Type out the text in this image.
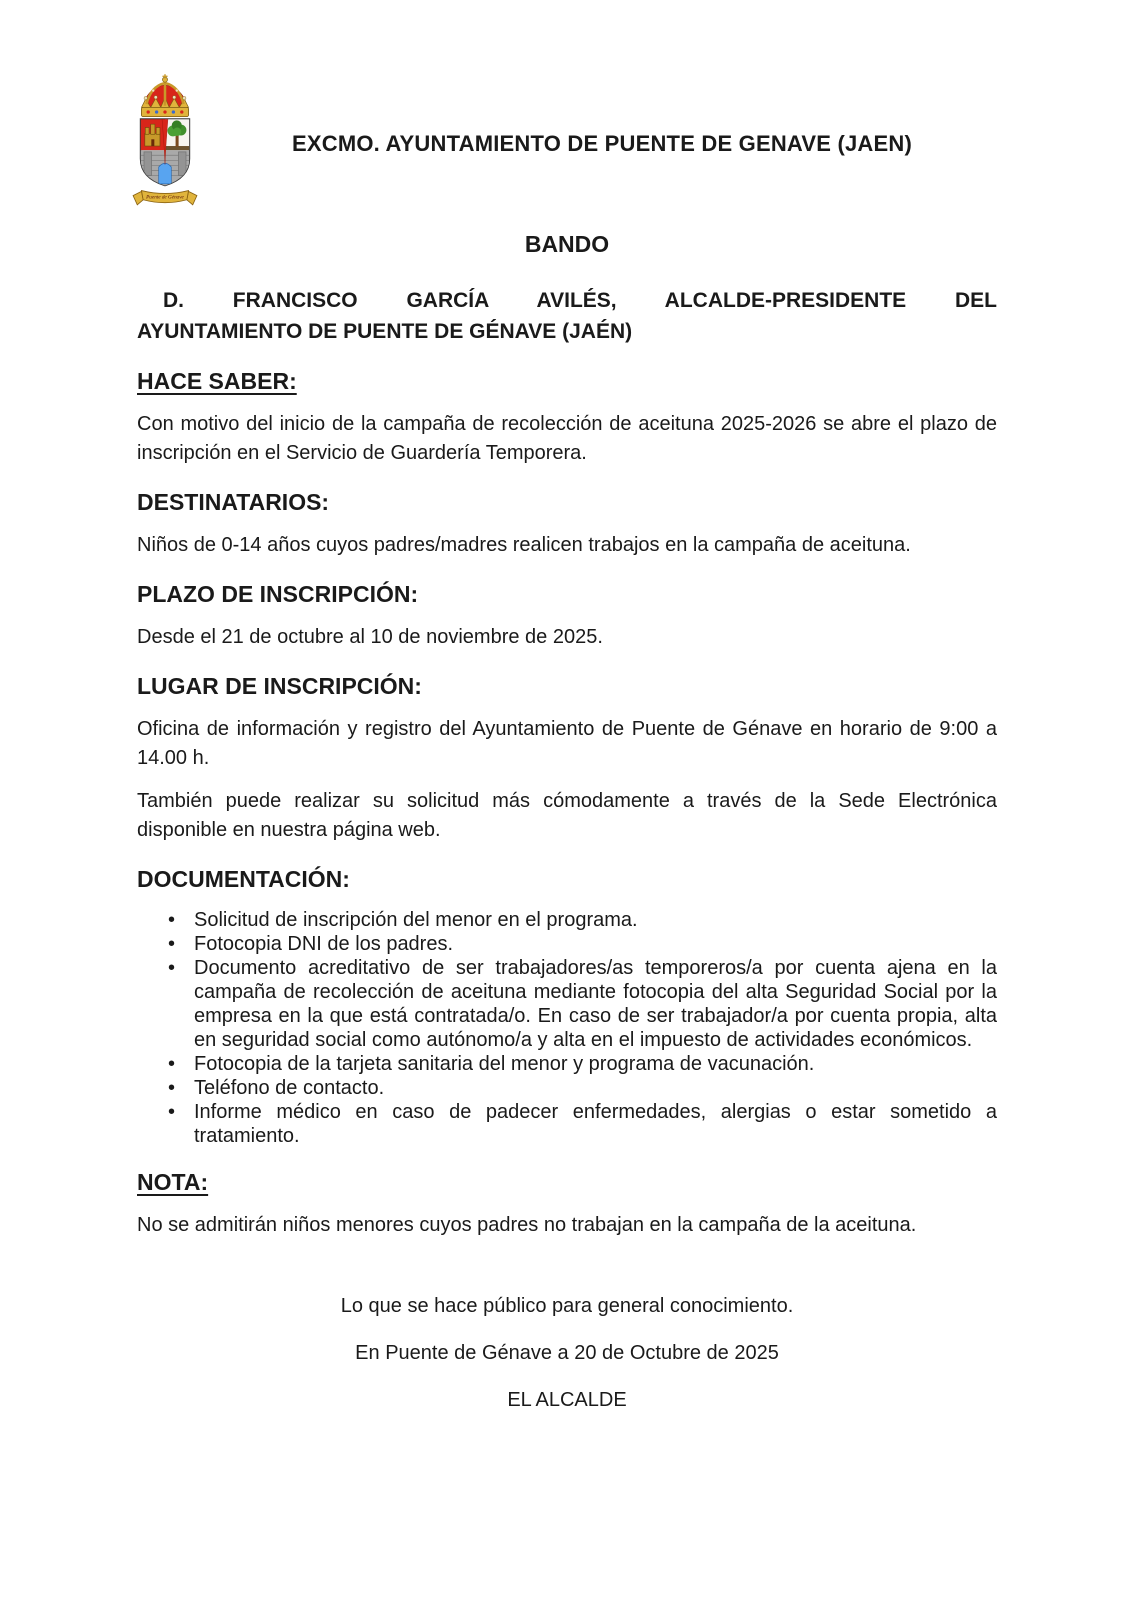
Puente de Génave
EXCMO. AYUNTAMIENTO DE PUENTE DE GENAVE (JAEN)
BANDO
D. FRANCISCO GARCÍA AVILÉS, ALCALDE-PRESIDENTE DEL
AYUNTAMIENTO DE PUENTE DE GÉNAVE (JAÉN)
HACE SABER:

Con motivo del inicio de la campaña de recolección de aceituna 2025-2026 se abre el plazo de inscripción en el Servicio de Guardería Temporera.

DESTINATARIOS:

Niños de 0-14 años cuyos padres/madres realicen trabajos en la campaña de aceituna.

PLAZO DE INSCRIPCIÓN:

Desde el 21 de octubre al 10 de noviembre de 2025.

LUGAR DE INSCRIPCIÓN:

Oficina de información y registro del Ayuntamiento de Puente de Génave en horario de 9:00 a 14.00 h.

También puede realizar su solicitud más cómodamente a través de la Sede Electrónica disponible en nuestra página web.

DOCUMENTACIÓN:
• Solicitud de inscripción del menor en el programa.
• Fotocopia DNI de los padres.
• Documento acreditativo de ser trabajadores/as temporeros/a por cuenta ajena en la campaña de recolección de aceituna mediante fotocopia del alta Seguridad Social por la empresa en la que está contratada/o. En caso de ser trabajador/a por cuenta propia, alta en seguridad social como autónomo/a y alta en el impuesto de actividades económicos.
• Fotocopia de la tarjeta sanitaria del menor y programa de vacunación.
• Teléfono de contacto.
• Informe médico en caso de padecer enfermedades, alergias o estar sometido a tratamiento.
NOTA:

No se admitirán niños menores cuyos padres no trabajan en la campaña de la aceituna.

Lo que se hace público para general conocimiento.

En Puente de Génave a 20 de Octubre de 2025

EL ALCALDE
